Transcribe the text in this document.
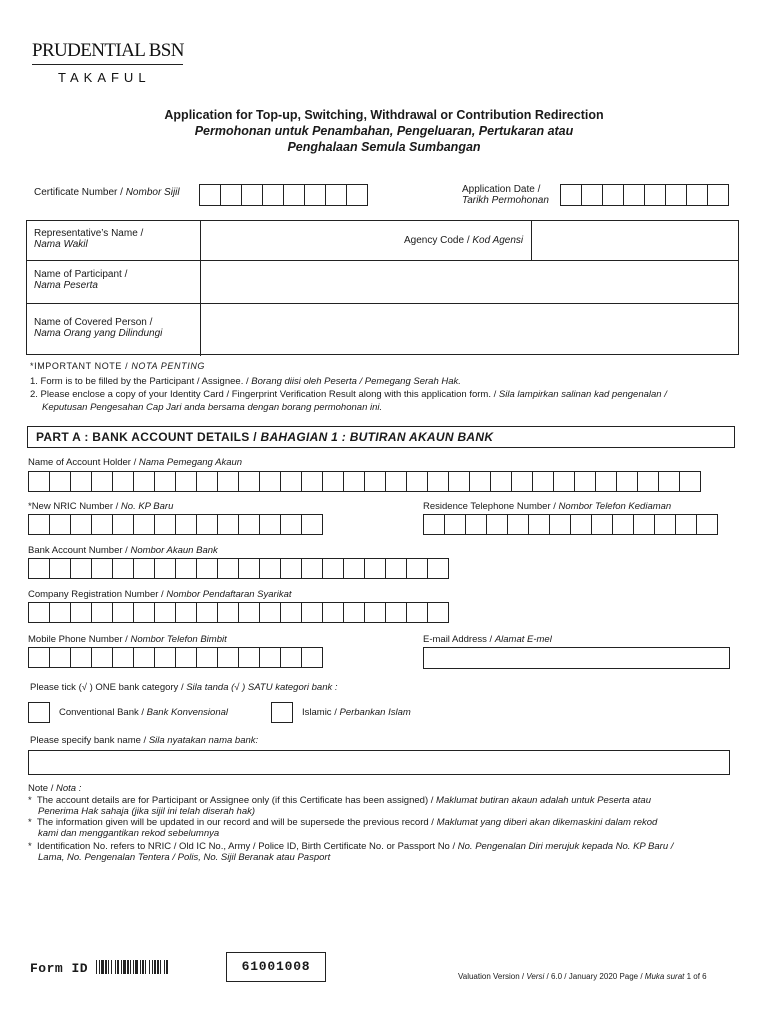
PRUDENTIAL BSN
TAKAFUL
Application for Top-up, Switching, Withdrawal or Contribution Redirection
Permohonan untuk Penambahan, Pengeluaran, Pertukaran atau
Penghalaan Semula Sumbangan
Certificate Number / Nombor Sijil	Application Date /
Tarikh Permohonan
Representative’s Name /
Nama Wakil	Agency Code / Kod Agensi
Name of Participant /
Nama Peserta
Name of Covered Person /
Nama Orang yang Dilindungi
*IMPORTANT NOTE / NOTA PENTING
1. Form is to be filled by the Participant / Assignee. / Borang diisi oleh Peserta / Pemegang Serah Hak.
2. Please enclose a copy of your Identity Card / Fingerprint Verification Result along with this application form. / Sila lampirkan salinan kad pengenalan /
Keputusan Pengesahan Cap Jari anda bersama dengan borang permohonan ini.
PART A : BANK ACCOUNT DETAILS / BAHAGIAN 1 : BUTIRAN AKAUN BANK
Name of Account Holder / Nama Pemegang Akaun
*New NRIC Number / No. KP Baru	Residence Telephone Number / Nombor Telefon Kediaman
Bank Account Number / Nombor Akaun Bank
Company Registration Number / Nombor Pendaftaran Syarikat
Mobile Phone Number / Nombor Telefon Bimbit	E-mail Address / Alamat E-mel
Please tick (√ ) ONE bank category / Sila tanda (√ ) SATU kategori bank :
Conventional Bank / Bank Konvensional	Islamic / Perbankan Islam
Please specify bank name / Sila nyatakan nama bank:
Note / Nota :
* The account details are for Participant or Assignee only (if this Certificate has been assigned) / Maklumat butiran akaun adalah untuk Peserta atau
Penerima Hak sahaja (jika sijil ini telah diserah hak)
* The information given will be updated in our record and will be supersede the previous record / Maklumat yang diberi akan dikemaskini dalam rekod
kami dan menggantikan rekod sebelumnya
* Identification No. refers to NRIC / Old IC No., Army / Police ID, Birth Certificate No. or Passport No / No. Pengenalan Diri merujuk kepada No. KP Baru /
Lama, No. Pengenalan Tentera / Polis, No. Sijil Beranak atau Pasport
Form ID	61001008
Valuation Version / Versi / 6.0 / January 2020 Page / Muka surat 1 of 6
